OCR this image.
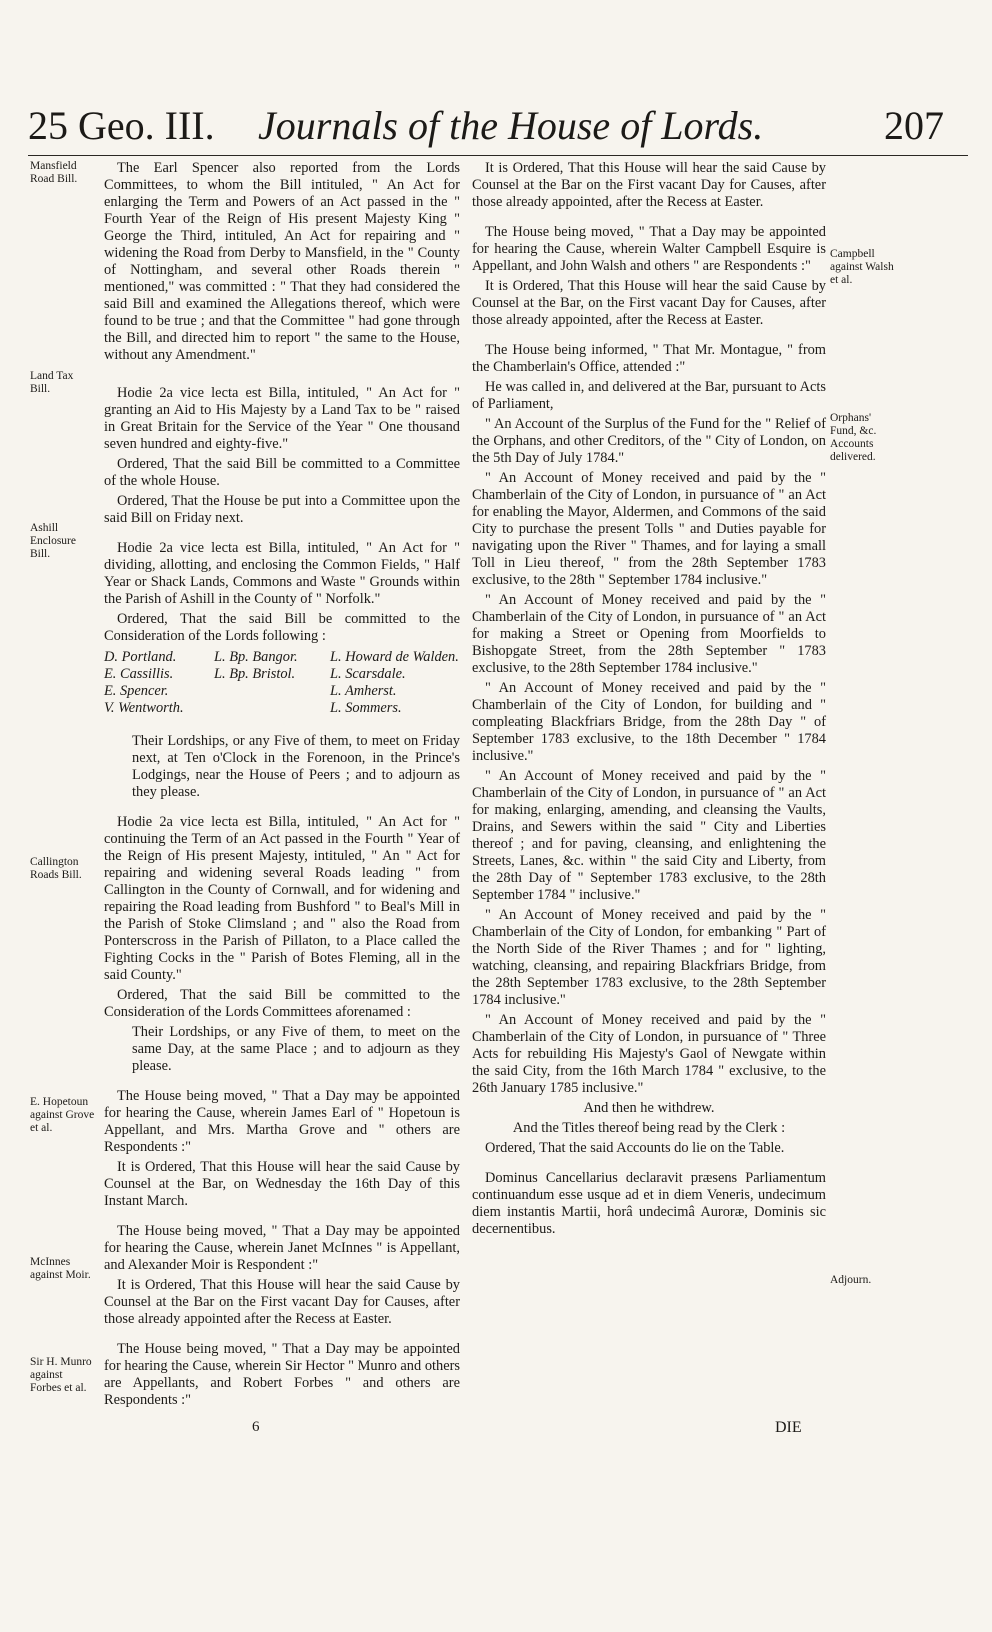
25 Geo. III. Journals of the House of Lords.	207
Mansfield Road Bill.
Land Tax Bill.
Ashill Enclosure Bill.
Callington Roads Bill.
E. Hopetoun against Grove et al.
McInnes against Moir.
Sir H. Munro against Forbes et al.
Campbell against Walsh et al.
Orphans' Fund, &c. Accounts delivered.
Adjourn.

The Earl Spencer also reported from the Lords Committees, to whom the Bill intituled, " An Act for enlarging the Term and Powers of an Act passed in the " Fourth Year of the Reign of His present Majesty King " George the Third, intituled, An Act for repairing and " widening the Road from Derby to Mansfield, in the " County of Nottingham, and several other Roads therein " mentioned," was committed : " That they had considered the said Bill and examined the Allegations thereof, which were found to be true ; and that the Committee " had gone through the Bill, and directed him to report " the same to the House, without any Amendment."

Hodie 2a vice lecta est Billa, intituled, " An Act for " granting an Aid to His Majesty by a Land Tax to be " raised in Great Britain for the Service of the Year " One thousand seven hundred and eighty-five."

Ordered, That the said Bill be committed to a Committee of the whole House.

Ordered, That the House be put into a Committee upon the said Bill on Friday next.

Hodie 2a vice lecta est Billa, intituled, " An Act for " dividing, allotting, and enclosing the Common Fields, " Half Year or Shack Lands, Commons and Waste " Grounds within the Parish of Ashill in the County of " Norfolk."

Ordered, That the said Bill be committed to the Consideration of the Lords following :

D. Portland.
E. Cassillis.
E. Spencer.
V. Wentworth.
L. Bp. Bangor.
L. Bp. Bristol.
L. Howard de Walden.
L. Scarsdale.
L. Amherst.
L. Sommers.

Their Lordships, or any Five of them, to meet on Friday next, at Ten o'Clock in the Forenoon, in the Prince's Lodgings, near the House of Peers ; and to adjourn as they please.

Hodie 2a vice lecta est Billa, intituled, " An Act for " continuing the Term of an Act passed in the Fourth " Year of the Reign of His present Majesty, intituled, " An " Act for repairing and widening several Roads leading " from Callington in the County of Cornwall, and for widening and repairing the Road leading from Bushford " to Beal's Mill in the Parish of Stoke Climsland ; and " also the Road from Ponterscross in the Parish of Pillaton, to a Place called the Fighting Cocks in the " Parish of Botes Fleming, all in the said County."

Ordered, That the said Bill be committed to the Consideration of the Lords Committees aforenamed :

Their Lordships, or any Five of them, to meet on the same Day, at the same Place ; and to adjourn as they please.

The House being moved, " That a Day may be appointed for hearing the Cause, wherein James Earl of " Hopetoun is Appellant, and Mrs. Martha Grove and " others are Respondents :"

It is Ordered, That this House will hear the said Cause by Counsel at the Bar, on Wednesday the 16th Day of this Instant March.

The House being moved, " That a Day may be appointed for hearing the Cause, wherein Janet McInnes " is Appellant, and Alexander Moir is Respondent :"

It is Ordered, That this House will hear the said Cause by Counsel at the Bar on the First vacant Day for Causes, after those already appointed after the Recess at Easter.

The House being moved, " That a Day may be appointed for hearing the Cause, wherein Sir Hector " Munro and others are Appellants, and Robert Forbes " and others are Respondents :"

It is Ordered, That this House will hear the said Cause by Counsel at the Bar on the First vacant Day for Causes, after those already appointed, after the Recess at Easter.

The House being moved, " That a Day may be appointed for hearing the Cause, wherein Walter Campbell Esquire is Appellant, and John Walsh and others " are Respondents :"

It is Ordered, That this House will hear the said Cause by Counsel at the Bar, on the First vacant Day for Causes, after those already appointed, after the Recess at Easter.

The House being informed, " That Mr. Montague, " from the Chamberlain's Office, attended :"

He was called in, and delivered at the Bar, pursuant to Acts of Parliament,

" An Account of the Surplus of the Fund for the " Relief of the Orphans, and other Creditors, of the " City of London, on the 5th Day of July 1784."

" An Account of Money received and paid by the " Chamberlain of the City of London, in pursuance of " an Act for enabling the Mayor, Aldermen, and Commons of the said City to purchase the present Tolls " and Duties payable for navigating upon the River " Thames, and for laying a small Toll in Lieu thereof, " from the 28th September 1783 exclusive, to the 28th " September 1784 inclusive."

" An Account of Money received and paid by the " Chamberlain of the City of London, in pursuance of " an Act for making a Street or Opening from Moorfields to Bishopgate Street, from the 28th September " 1783 exclusive, to the 28th September 1784 inclusive."

" An Account of Money received and paid by the " Chamberlain of the City of London, for building and " compleating Blackfriars Bridge, from the 28th Day " of September 1783 exclusive, to the 18th December " 1784 inclusive."

" An Account of Money received and paid by the " Chamberlain of the City of London, in pursuance of " an Act for making, enlarging, amending, and cleansing the Vaults, Drains, and Sewers within the said " City and Liberties thereof ; and for paving, cleansing, and enlightening the Streets, Lanes, &c. within " the said City and Liberty, from the 28th Day of " September 1783 exclusive, to the 28th September 1784 " inclusive."

" An Account of Money received and paid by the " Chamberlain of the City of London, for embanking " Part of the North Side of the River Thames ; and for " lighting, watching, cleansing, and repairing Blackfriars Bridge, from the 28th September 1783 exclusive, to the 28th September 1784 inclusive."

" An Account of Money received and paid by the " Chamberlain of the City of London, in pursuance of " Three Acts for rebuilding His Majesty's Gaol of Newgate within the said City, from the 16th March 1784 " exclusive, to the 26th January 1785 inclusive."

And then he withdrew.

And the Titles thereof being read by the Clerk :

Ordered, That the said Accounts do lie on the Table.

Dominus Cancellarius declaravit præsens Parliamentum continuandum esse usque ad et in diem Veneris, undecimum diem instantis Martii, horâ undecimâ Auroræ, Dominis sic decernentibus.

6	DIE
